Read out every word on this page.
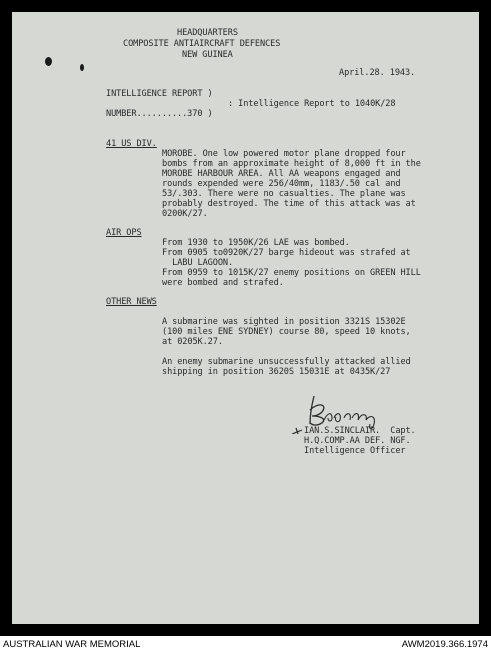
HEADQUARTERS
COMPOSITE ANTIAIRCRAFT DEFENCES
NEW GUINEA
April.28. 1943.
INTELLIGENCE REPORT )
: Intelligence Report to 1040K/28
NUMBER..........370 )
41 US DIV.
MOROBE. One low powered motor plane dropped four
bombs from an approximate height of 8,000 ft in the
MOROBE HARBOUR AREA. All AA weapons engaged and
rounds expended were 256/40mm, 1183/.50 cal and
53/.303. There were no casualties. The plane was
probably destroyed. The time of this attack was at
0200K/27.
AIR OPS
From 1930 to 1950K/26 LAE was bombed.
From 0905 to0920K/27 barge hideout was strafed at
LABU LAGOON.
From 0959 to 1015K/27 enemy positions on GREEN HILL
were bombed and strafed.
OTHER NEWS
A submarine was sighted in position 3321S 15302E
(100 miles ENE SYDNEY) course 80, speed 10 knots,
at 0205K.27.
An enemy submarine unsuccessfully attacked allied
shipping in position 3620S 15031E at 0435K/27
IAN.S.SINCLAIR.  Capt.
H.Q.COMP.AA DEF. NGF.
Intelligence Officer
AUSTRALIAN WAR MEMORIAL	AWM2019.366.1974
